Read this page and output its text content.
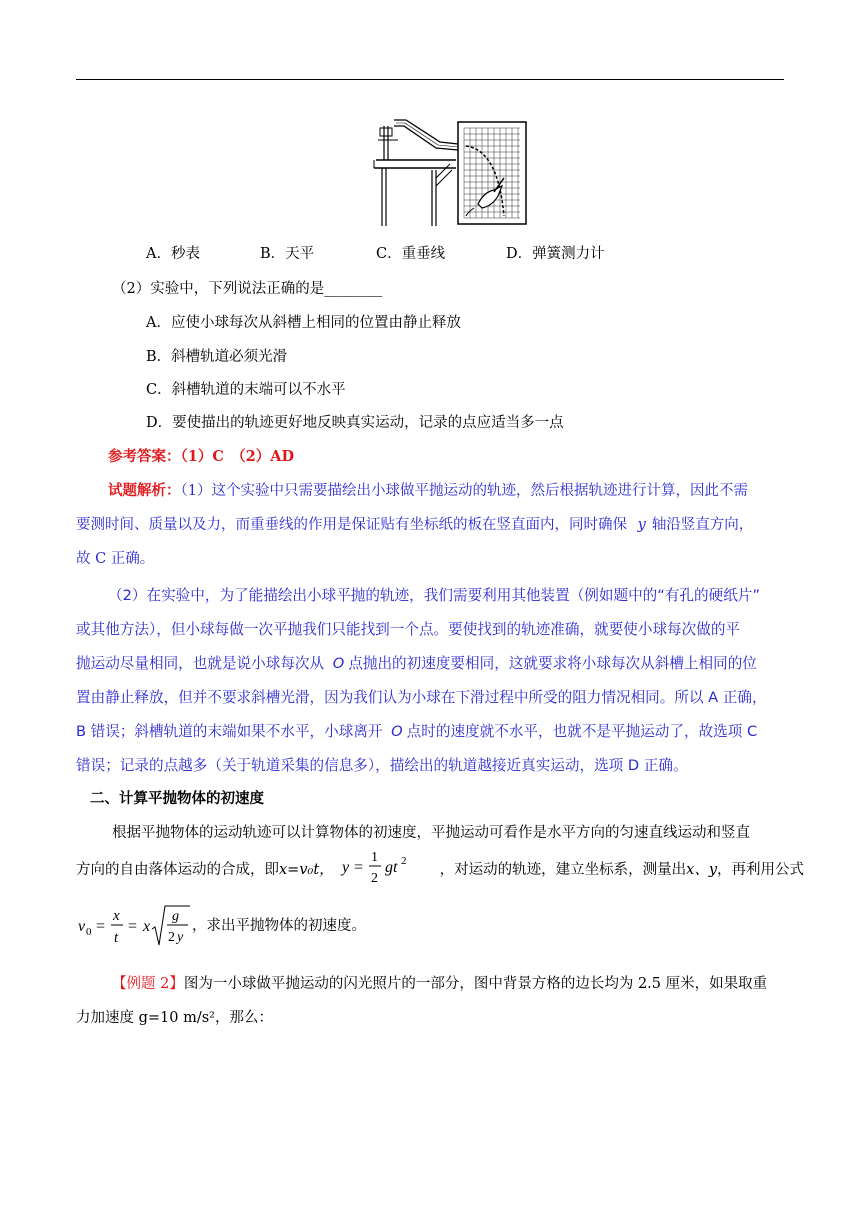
A．秒表	B．天平	C．重垂线	D．弹簧测力计
（2）实验中，下列说法正确的是________
A．应使小球每次从斜槽上相同的位置由静止释放
B．斜槽轨道必须光滑
C．斜槽轨道的末端可以不水平
D．要使描出的轨迹更好地反映真实运动，记录的点应适当多一点
参考答案：（1）C　（2）AD
试题解析：（1）这个实验中只需要描绘出小球做平抛运动的轨迹，然后根据轨迹进行计算，因此不需
要测时间、质量以及力，而重垂线的作用是保证贴有坐标纸的板在竖直面内，同时确保 y 轴沿竖直方向，
故 C 正确。
（2）在实验中，为了能描绘出小球平抛的轨迹，我们需要利用其他装置（例如题中的“有孔的硬纸片”
或其他方法），但小球每做一次平抛我们只能找到一个点。要使找到的轨迹准确，就要使小球每次做的平
抛运动尽量相同，也就是说小球每次从 O 点抛出的初速度要相同，这就要求将小球每次从斜槽上相同的位
置由静止释放，但并不要求斜槽光滑，因为我们认为小球在下滑过程中所受的阻力情况相同。所以 A 正确，
B 错误；斜槽轨道的末端如果不水平，小球离开 O 点时的速度就不水平，也就不是平抛运动了，故选项 C
错误；记录的点越多（关于轨道采集的信息多），描绘出的轨道越接近真实运动，选项 D 正确。
二、计算平抛物体的初速度
根据平抛物体的运动轨迹可以计算物体的初速度，平抛运动可看作是水平方向的匀速直线运动和竖直
方向的自由落体运动的合成，即x=v₀t，	，对运动的轨迹，建立坐标系，测量出x、y，再利用公式
y =
1
2
gt 2
v 0 =
x
t
= x
g
2 y
，求出平抛物体的初速度。
【例题 2】图为一小球做平抛运动的闪光照片的一部分，图中背景方格的边长均为 2.5 厘米，如果取重
力加速度 g=10 m/s²，那么：
